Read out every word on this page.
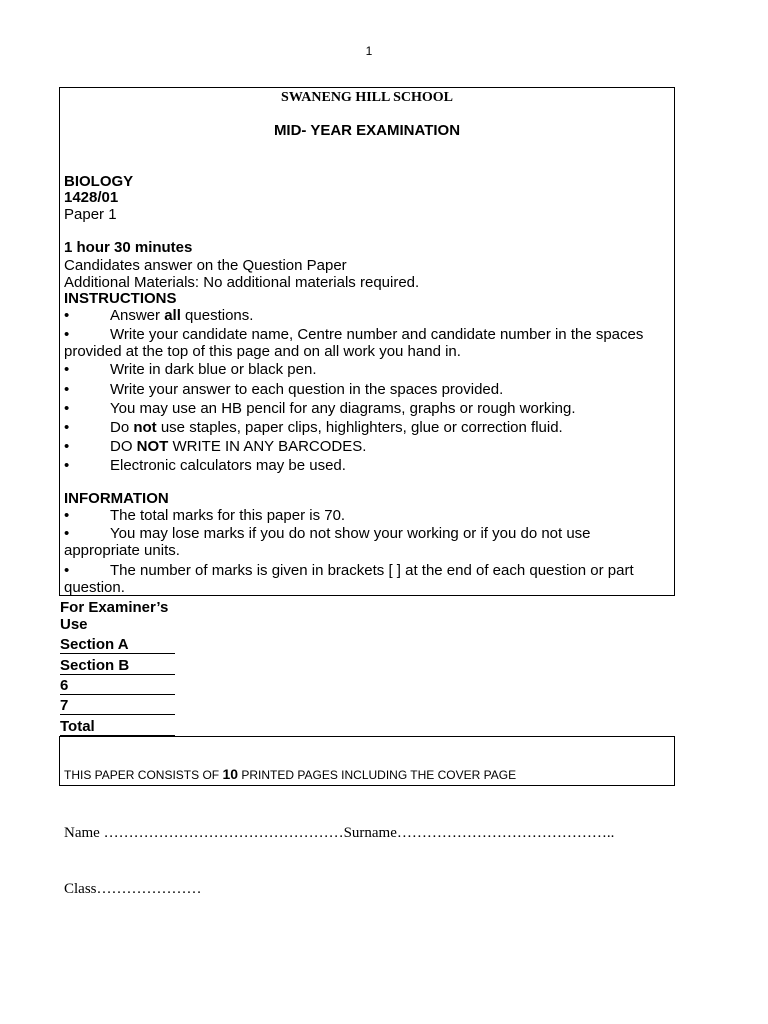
1
SWANENG HILL SCHOOL
MID- YEAR EXAMINATION
BIOLOGY
1428/01
Paper 1
1 hour 30 minutes
Candidates answer on the Question Paper
Additional Materials: No additional materials required.
INSTRUCTIONS
•	Answer all questions.
•	Write your candidate name, Centre number and candidate number in the spaces provided at the top of this page and on all work you hand in.
•	Write in dark blue or black pen.
•	Write your answer to each question in the spaces provided.
•	You may use an HB pencil for any diagrams, graphs or rough working.
•	Do not use staples, paper clips, highlighters, glue or correction fluid.
•	DO NOT WRITE IN ANY BARCODES.
•	Electronic calculators may be used.
INFORMATION
•	The total marks for this paper is 70.
•	You may lose marks if you do not show your working or if you do not use appropriate units.
•	The number of marks is given in brackets [ ] at the end of each question or part question.
For Examiner’s Use
Section A
Section B
6
7
Total
THIS PAPER CONSISTS OF 10 PRINTED PAGES INCLUDING THE COVER PAGE
Name …………………………………………Surname……………………………………..
Class…………………
